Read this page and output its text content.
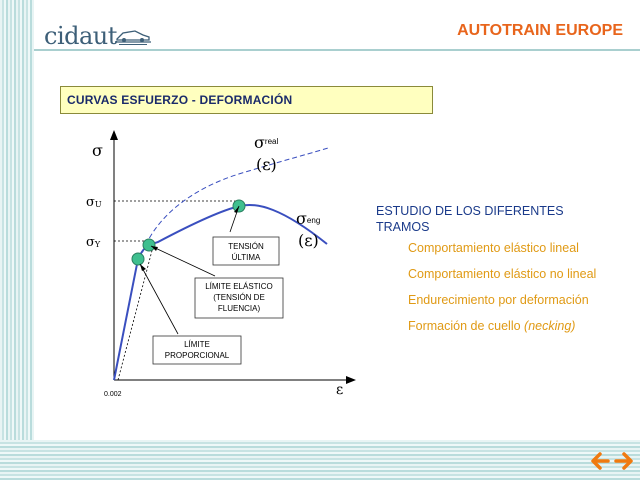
cidaut	AUTOTRAIN EUROPE
CURVAS ESFUERZO - DEFORMACIÓN
σ
ε
0.002
σU
σY
$\sigma^{real}$
(ε)
σeng
(ε)
TENSIÓN
ÚLTIMA
LÍMITE ELÁSTICO
(TENSIÓN DE
FLUENCIA)
LÍMITE
PROPORCIONAL
ESTUDIO DE LOS DIFERENTES TRAMOS
Comportamiento elástico lineal
Comportamiento elástico no lineal
Endurecimiento por deformación
Formación de cuello (necking)
